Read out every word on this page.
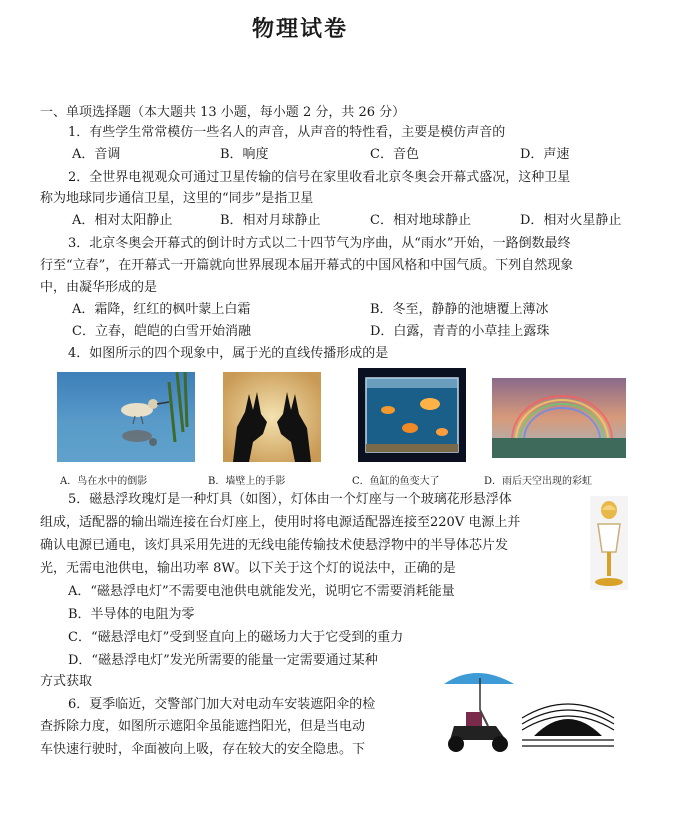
物理试卷
一、单项选择题（本大题共 13 小题，每小题 2 分，共 26 分）
1．有些学生常常模仿一些名人的声音，从声音的特性看，主要是模仿声音的
A．音调	B．响度	C．音色	D．声速
2．全世界电视观众可通过卫星传输的信号在家里收看北京冬奥会开幕式盛况，这种卫星
称为地球同步通信卫星，这里的“同步”是指卫星
A．相对太阳静止	B．相对月球静止	C．相对地球静止	D．相对火星静止
3．北京冬奥会开幕式的倒计时方式以二十四节气为序曲，从“雨水”开始，一路倒数最终
行至“立春”，在开幕式一开篇就向世界展现本届开幕式的中国风格和中国气质。下列自然现象
中，由凝华形成的是
A．霜降，红红的枫叶蒙上白霜	B．冬至，静静的池塘覆上薄冰
C．立春，皑皑的白雪开始消融	D．白露，青青的小草挂上露珠
4．如图所示的四个现象中，属于光的直线传播形成的是
A．鸟在水中的倒影	B．墙壁上的手影	C．鱼缸的鱼变大了	D．雨后天空出现的彩虹
5．磁悬浮玫瑰灯是一种灯具（如图），灯体由一个灯座与一个玻璃花形悬浮体
组成，适配器的输出端连接在台灯座上，使用时将电源适配器连接至220V 电源上并
确认电源已通电，该灯具采用先进的无线电能传输技术使悬浮物中的半导体芯片发
光，无需电池供电，输出功率 8W。以下关于这个灯的说法中，正确的是
A．“磁悬浮电灯”不需要电池供电就能发光，说明它不需要消耗能量
B．半导体的电阻为零
C．“磁悬浮电灯”受到竖直向上的磁场力大于它受到的重力
D．“磁悬浮电灯”发光所需要的能量一定需要通过某种
方式获取
6．夏季临近，交警部门加大对电动车安装遮阳伞的检
查拆除力度，如图所示遮阳伞虽能遮挡阳光，但是当电动
车快速行驶时，伞面被向上吸，存在较大的安全隐患。下
